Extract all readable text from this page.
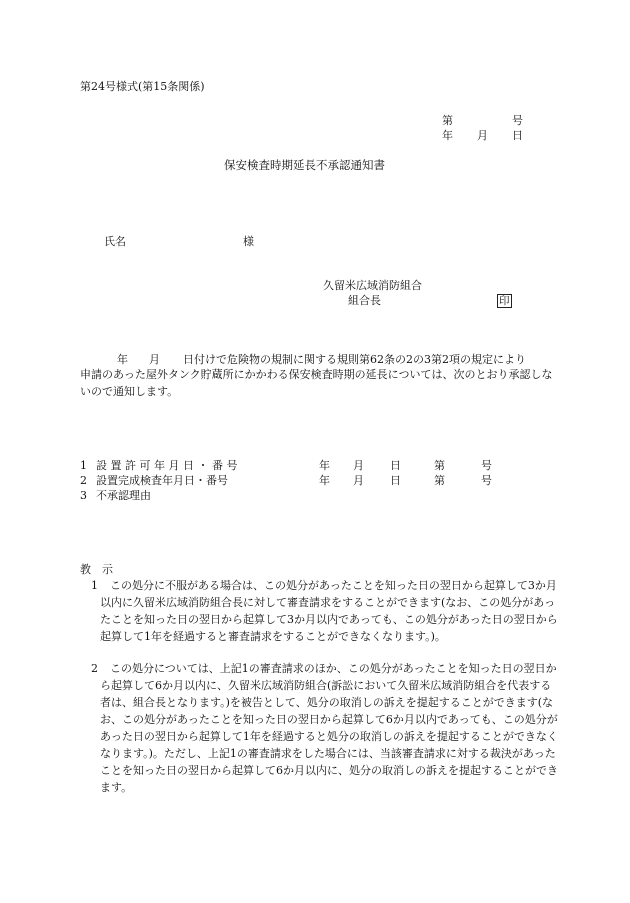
第24号様式(第15条関係)
第	号
年 月 日
保安検査時期延長不承認通知書
氏名	様
久留米広域消防組合
組合長	印
年 月 日付けで危険物の規制に関する規則第62条の2の3第2項の規定により
申請のあった屋外タンク貯蔵所にかかわる保安検査時期の延長については、次のとおり承認しないので通知します。
1 設 置 許 可 年 月 日 ・ 番 号	年 月 日	第	号
2 設置完成検査年月日・番号	年 月 日	第	号
3 不承認理由
教　示
1	この処分に不服がある場合は、この処分があったことを知った日の翌日から起算して3か月以内に久留米広域消防組合長に対して審査請求をすることができます(なお、この処分があったことを知った日の翌日から起算して3か月以内であっても、この処分があった日の翌日から起算して1年を経過すると審査請求をすることができなくなります。)。
2	この処分については、上記1の審査請求のほか、この処分があったことを知った日の翌日から起算して6か月以内に、久留米広域消防組合(訴訟において久留米広域消防組合を代表する者は、組合長となります。)を被告として、処分の取消しの訴えを提起することができます(なお、この処分があったことを知った日の翌日から起算して6か月以内であっても、この処分があった日の翌日から起算して1年を経過すると処分の取消しの訴えを提起することができなくなります。)。ただし、上記1の審査請求をした場合には、当該審査請求に対する裁決があったことを知った日の翌日から起算して6か月以内に、処分の取消しの訴えを提起することができます。
